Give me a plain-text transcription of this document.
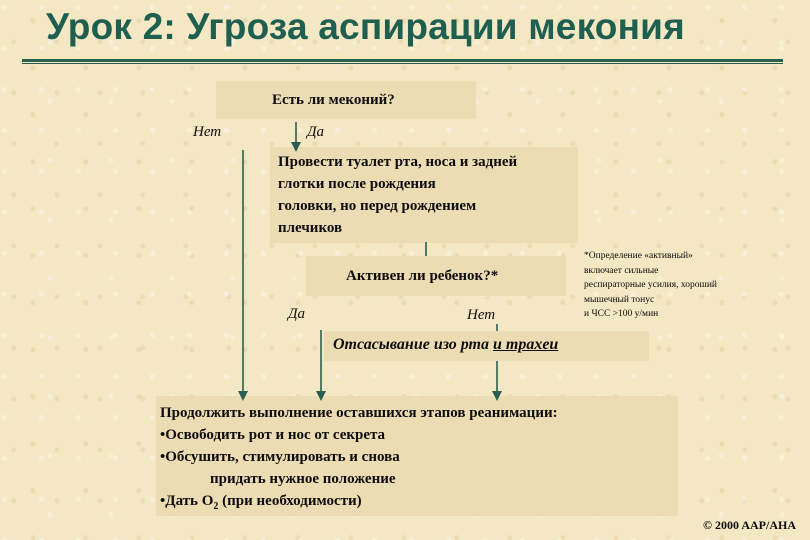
Урок 2: Угроза аспирации мекония
Есть ли меконий?
Нет	Да
Провести туалет рта, носа и задней
глотки после рождения
головки, но перед рождением
плечиков
Активен ли ребенок?*
*Определение «активный»
включает сильные
респираторные усилия, хороший
мышечный тонус
и ЧСС >100 у/мин
Да	Нет
Отсасывание изо рта и трахеи
Продолжить выполнение оставшихся этапов реанимации:
•Освободить рот и нос от секрета
•Обсушить, стимулировать и снова
придать нужное положение
•Дать $О_2$ (при необходимости)
© 2000 AAP/AHA
